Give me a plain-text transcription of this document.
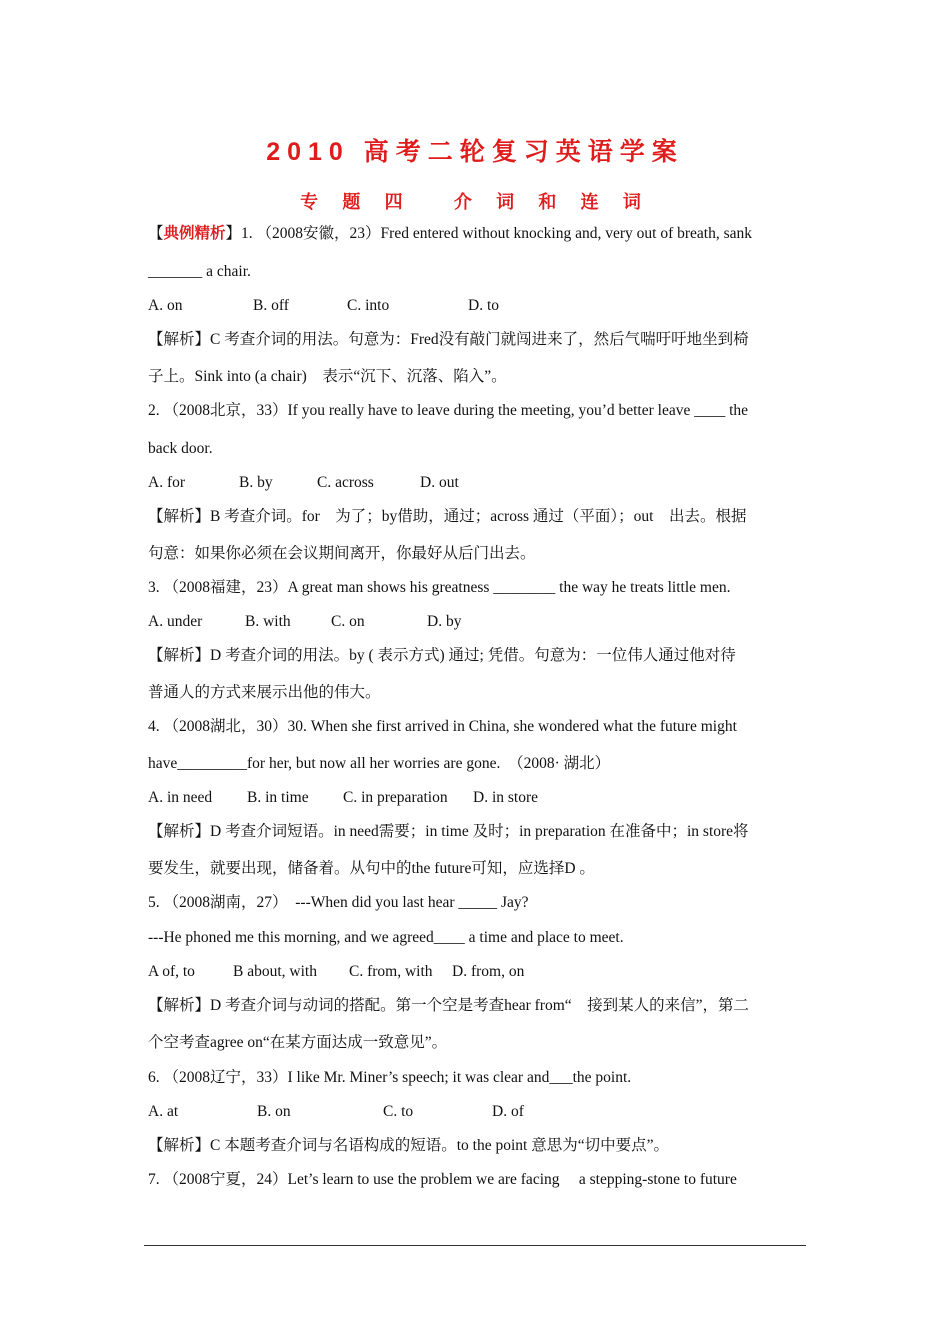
2010 高考二轮复习英语学案
专 题 四　 介 词 和 连 词
【典例精析】1. （2008安徽，23）Fred entered without knocking and, very out of breath, sank
_______ a chair.
A. on	B. off	C. into	D. to
【解析】C 考查介词的用法。句意为：Fred没有敲门就闯进来了，然后气喘吁吁地坐到椅
子上。Sink into (a chair)　表示“沉下、沉落、陷入”。
2. （2008北京，33）If you really have to leave during the meeting, you’d better leave ____ the
back door.
A. for	B. by	C. across	D. out
【解析】B 考查介词。for　为了；by借助，通过；across 通过（平面）；out　出去。根据
句意：如果你必须在会议期间离开，你最好从后门出去。
3. （2008福建，23）A great man shows his greatness ________ the way he treats little men.
A. under	B. with	C. on	D. by
【解析】D 考查介词的用法。by ( 表示方式) 通过; 凭借。句意为：一位伟人通过他对待
普通人的方式来展示出他的伟大。
4. （2008湖北，30）30. When she first arrived in China, she wondered what the future might
have_________for her, but now all her worries are gone.　（2008· 湖北）
A. in need B. in time C. in preparation D. in store
【解析】D 考查介词短语。in need需要；in time 及时；in preparation 在准备中；in store将
要发生，就要出现，储备着。从句中的the future可知，应选择D 。
5. （2008湖南，27）　---When did you last hear _____ Jay?
---He phoned me this morning, and we agreed____ a time and place to meet.
A of, to B about, with C. from, with D. from, on
【解析】D 考查介词与动词的搭配。第一个空是考查hear from“　接到某人的来信”，第二
个空考查agree on“在某方面达成一致意见”。
6. （2008辽宁，33）I like Mr. Miner’s speech; it was clear and___the point.
A. at	B. on	C. to	D. of
【解析】C 本题考查介词与名语构成的短语。to the point 意思为“切中要点”。
7. （2008宁夏，24）Let’s learn to use the problem we are facing　 a stepping-stone to future
